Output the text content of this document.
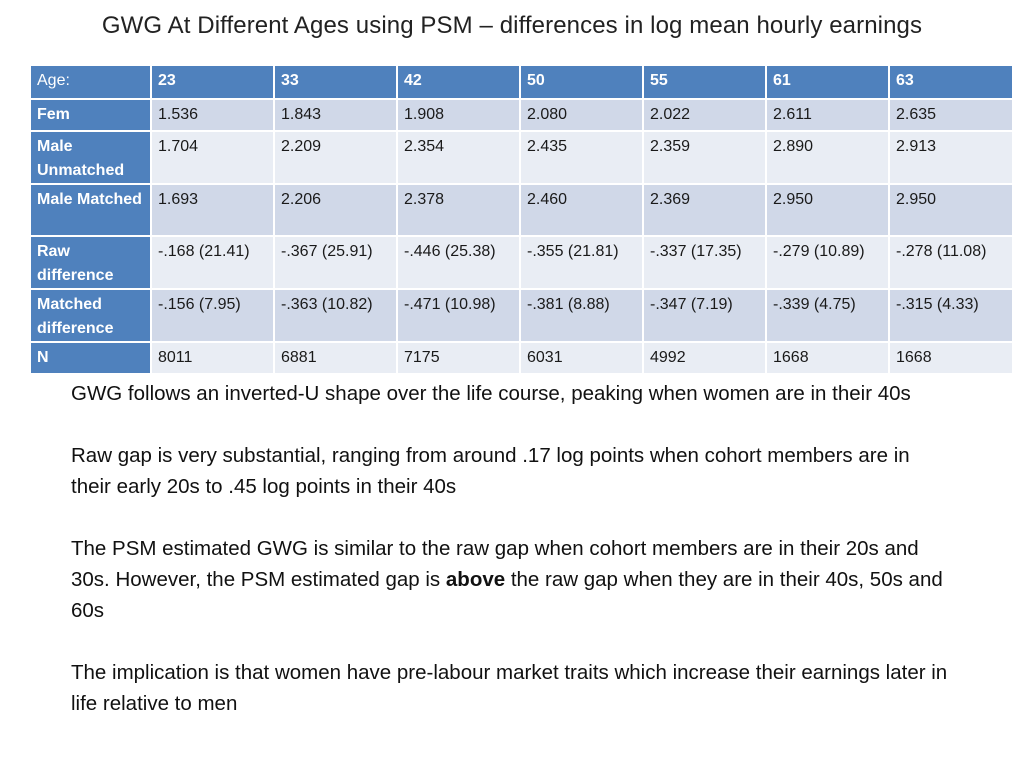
GWG At Different Ages using PSM – differences in log mean hourly earnings
Age:	23	33	42	50	55	61	63
Fem	1.536	1.843	1.908	2.080	2.022	2.611	2.635
Male Unmatched	1.704	2.209	2.354	2.435	2.359	2.890	2.913
Male Matched	1.693	2.206	2.378	2.460	2.369	2.950	2.950
Raw difference	-.168 (21.41)	-.367 (25.91)	-.446 (25.38)	-.355 (21.81)	-.337 (17.35)	-.279 (10.89)	-.278 (11.08)
Matched difference	-.156 (7.95)	-.363 (10.82)	-.471 (10.98)	-.381 (8.88)	-.347 (7.19)	-.339 (4.75)	-.315 (4.33)
N	8011	6881	7175	6031	4992	1668	1668

GWG follows an inverted-U shape over the life course, peaking when women are in their 40s

Raw gap is very substantial, ranging from around .17 log points when cohort members are in their early 20s to .45 log points in their 40s

The PSM estimated GWG is similar to the raw gap when cohort members are in their 20s and 30s. However, the PSM estimated gap is above the raw gap when they are in their 40s, 50s and 60s

The implication is that women have pre-labour market traits which increase their earnings later in life relative to men
